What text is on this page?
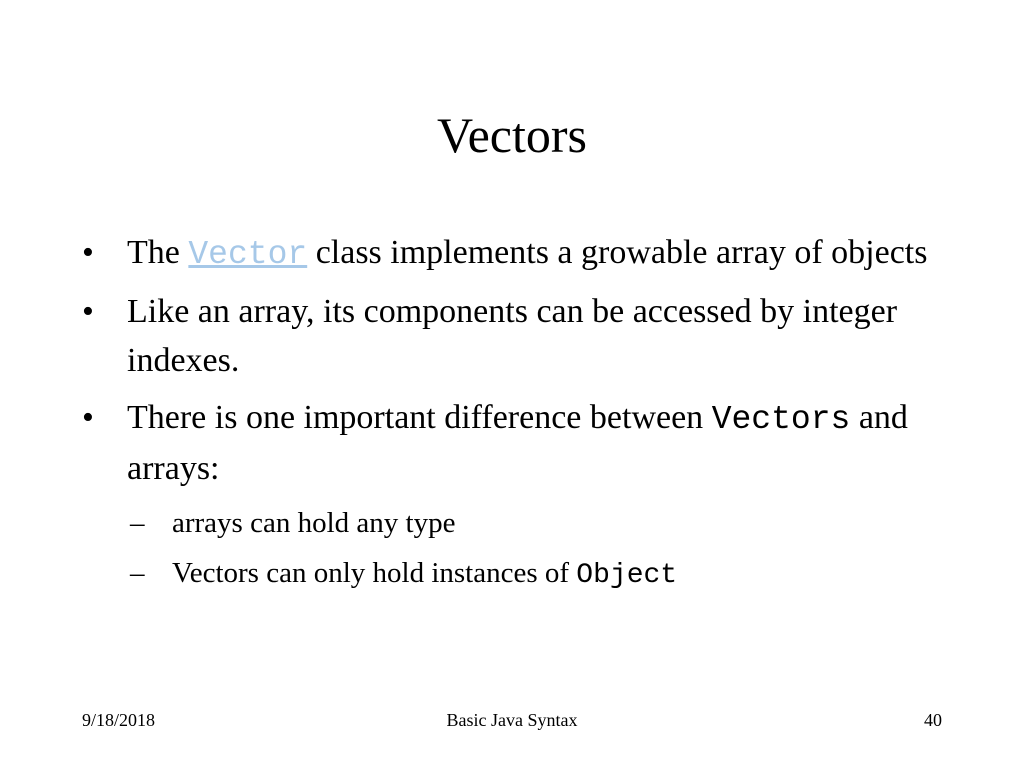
Vectors
• The Vector class implements a growable array of objects
• Like an array, its components can be accessed by integer indexes.
• There is one important difference between Vectors and arrays:
– arrays can hold any type
– Vectors can only hold instances of Object
9/18/2018	Basic Java Syntax	40
